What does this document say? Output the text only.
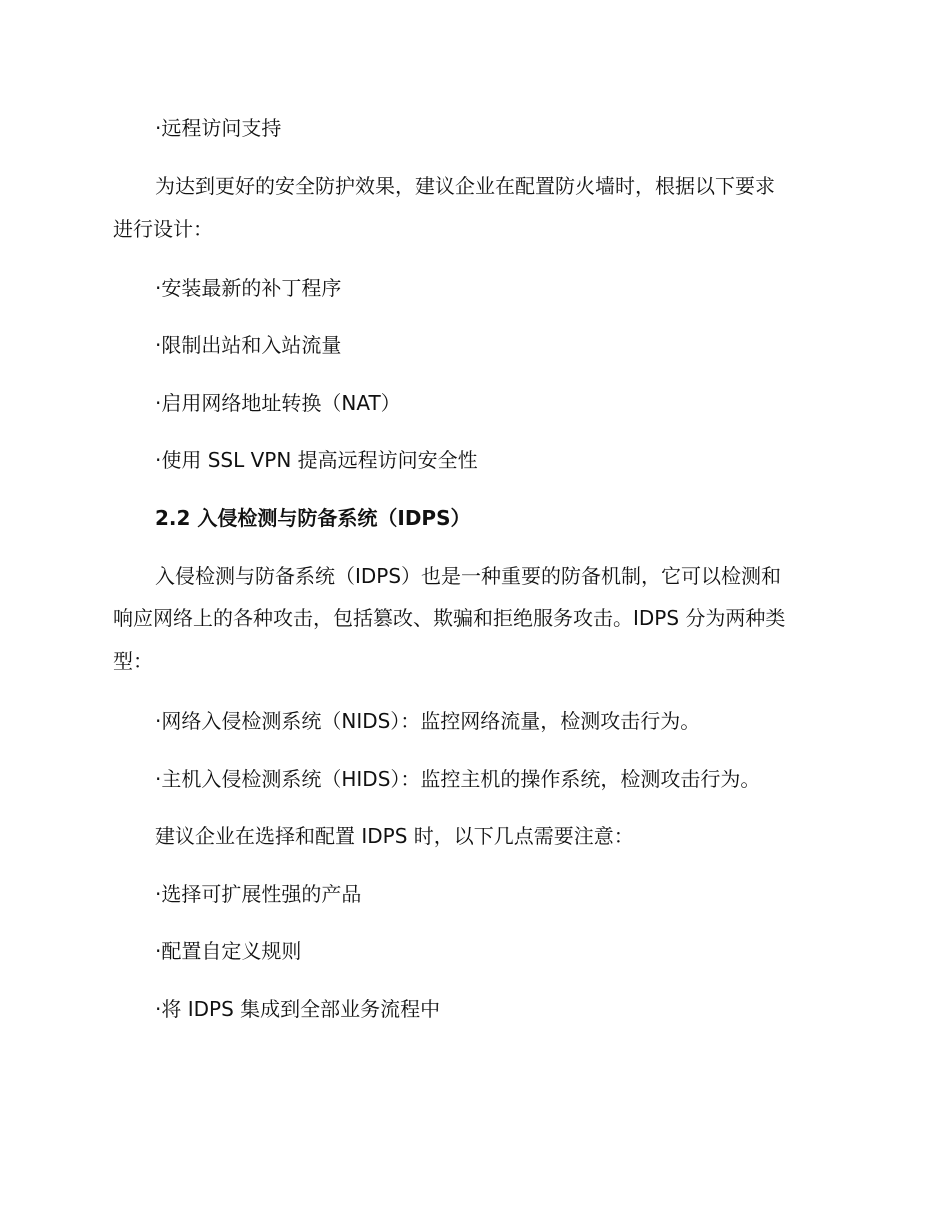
·远程访问支持
为达到更好的安全防护效果，建议企业在配置防火墙时，根据以下要求
进行设计：
·安装最新的补丁程序
·限制出站和入站流量
·启用网络地址转换（NAT）
·使用 SSL VPN 提高远程访问安全性
2.2 入侵检测与防备系统（IDPS）
入侵检测与防备系统（IDPS）也是一种重要的防备机制，它可以检测和
响应网络上的各种攻击，包括篡改、欺骗和拒绝服务攻击。IDPS 分为两种类
型：
·网络入侵检测系统（NIDS）：监控网络流量，检测攻击行为。
·主机入侵检测系统（HIDS）：监控主机的操作系统，检测攻击行为。
建议企业在选择和配置 IDPS 时，以下几点需要注意：
·选择可扩展性强的产品
·配置自定义规则
·将 IDPS 集成到全部业务流程中
